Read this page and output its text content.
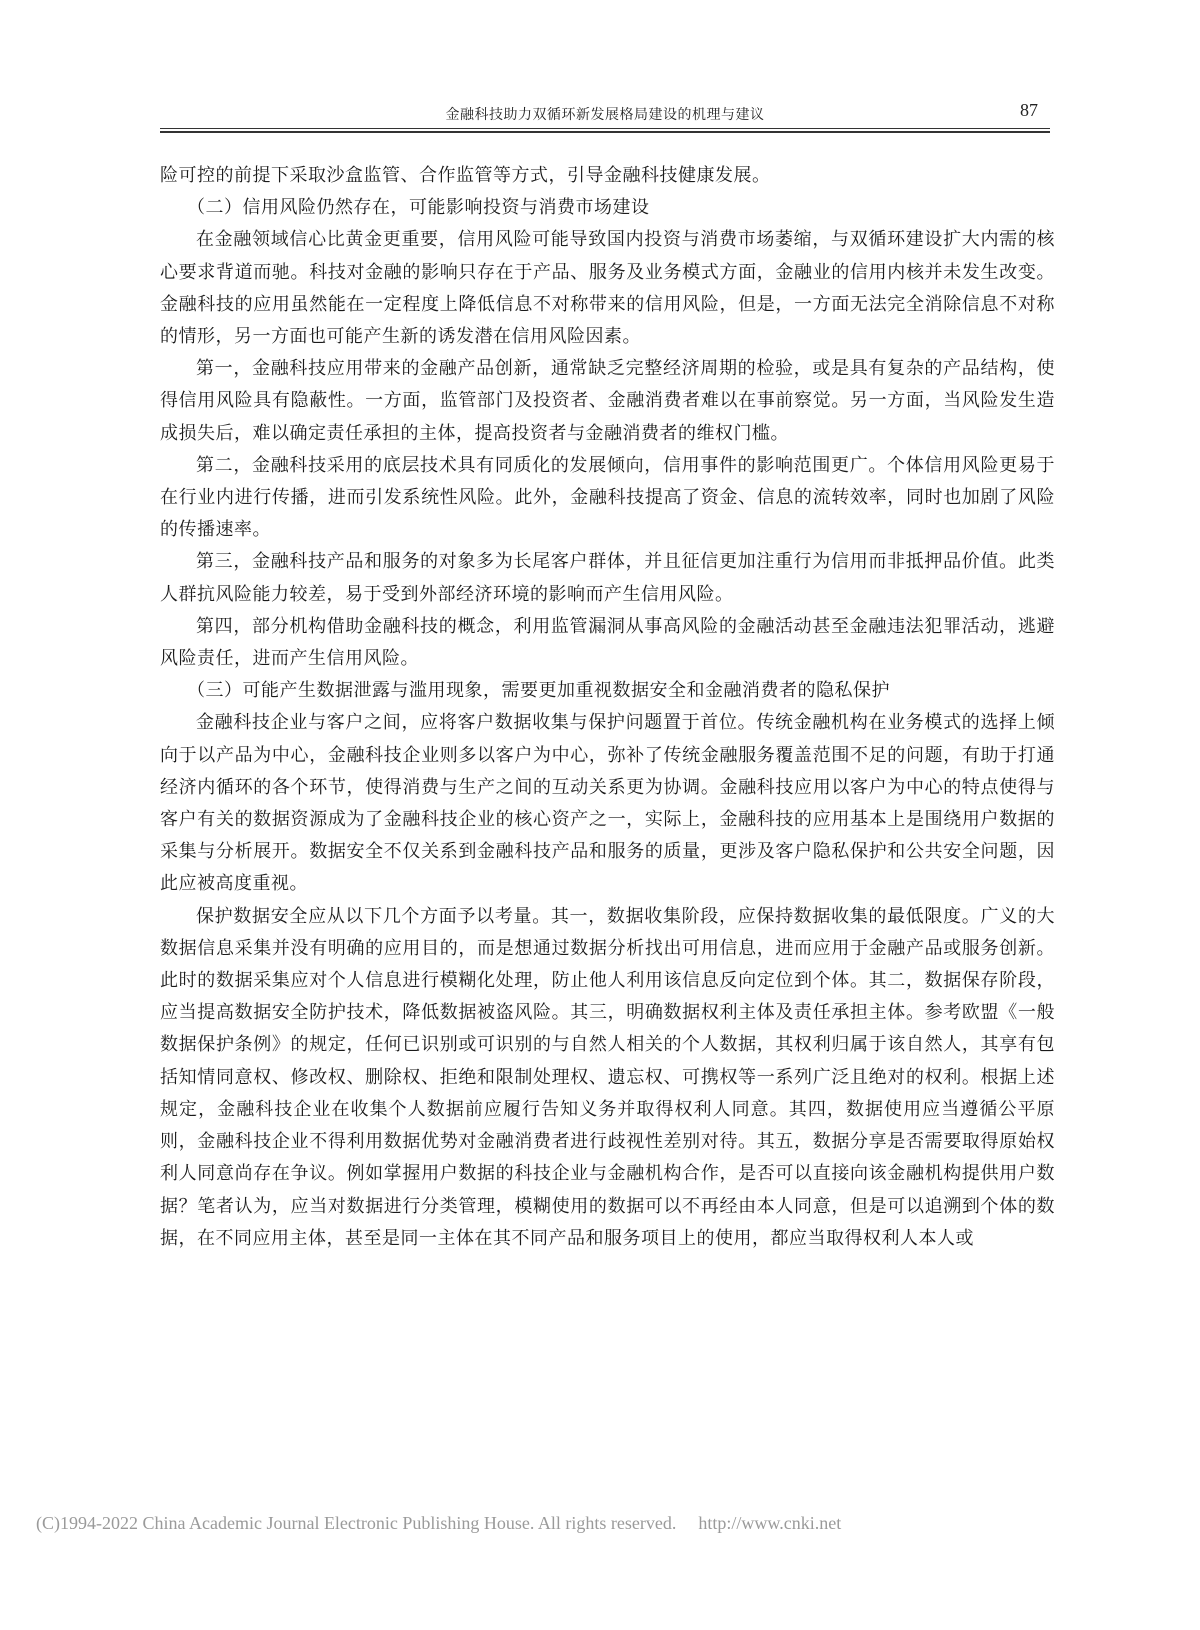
金融科技助力双循环新发展格局建设的机理与建议	87

险可控的前提下采取沙盒监管、合作监管等方式，引导金融科技健康发展。

（二）信用风险仍然存在，可能影响投资与消费市场建设

在金融领域信心比黄金更重要，信用风险可能导致国内投资与消费市场萎缩，与双循环建设扩大内需的核心要求背道而驰。科技对金融的影响只存在于产品、服务及业务模式方面，金融业的信用内核并未发生改变。金融科技的应用虽然能在一定程度上降低信息不对称带来的信用风险，但是，一方面无法完全消除信息不对称的情形，另一方面也可能产生新的诱发潜在信用风险因素。

第一，金融科技应用带来的金融产品创新，通常缺乏完整经济周期的检验，或是具有复杂的产品结构，使得信用风险具有隐蔽性。一方面，监管部门及投资者、金融消费者难以在事前察觉。另一方面，当风险发生造成损失后，难以确定责任承担的主体，提高投资者与金融消费者的维权门槛。

第二，金融科技采用的底层技术具有同质化的发展倾向，信用事件的影响范围更广。个体信用风险更易于在行业内进行传播，进而引发系统性风险。此外，金融科技提高了资金、信息的流转效率，同时也加剧了风险的传播速率。

第三，金融科技产品和服务的对象多为长尾客户群体，并且征信更加注重行为信用而非抵押品价值。此类人群抗风险能力较差，易于受到外部经济环境的影响而产生信用风险。

第四，部分机构借助金融科技的概念，利用监管漏洞从事高风险的金融活动甚至金融违法犯罪活动，逃避风险责任，进而产生信用风险。

（三）可能产生数据泄露与滥用现象，需要更加重视数据安全和金融消费者的隐私保护

金融科技企业与客户之间，应将客户数据收集与保护问题置于首位。传统金融机构在业务模式的选择上倾向于以产品为中心，金融科技企业则多以客户为中心，弥补了传统金融服务覆盖范围不足的问题，有助于打通经济内循环的各个环节，使得消费与生产之间的互动关系更为协调。金融科技应用以客户为中心的特点使得与客户有关的数据资源成为了金融科技企业的核心资产之一，实际上，金融科技的应用基本上是围绕用户数据的采集与分析展开。数据安全不仅关系到金融科技产品和服务的质量，更涉及客户隐私保护和公共安全问题，因此应被高度重视。

保护数据安全应从以下几个方面予以考量。其一，数据收集阶段，应保持数据收集的最低限度。广义的大数据信息采集并没有明确的应用目的，而是想通过数据分析找出可用信息，进而应用于金融产品或服务创新。此时的数据采集应对个人信息进行模糊化处理，防止他人利用该信息反向定位到个体。其二，数据保存阶段，应当提高数据安全防护技术，降低数据被盗风险。其三，明确数据权利主体及责任承担主体。参考欧盟《一般数据保护条例》的规定，任何已识别或可识别的与自然人相关的个人数据，其权利归属于该自然人，其享有包括知情同意权、修改权、删除权、拒绝和限制处理权、遗忘权、可携权等一系列广泛且绝对的权利。根据上述规定，金融科技企业在收集个人数据前应履行告知义务并取得权利人同意。其四，数据使用应当遵循公平原则，金融科技企业不得利用数据优势对金融消费者进行歧视性差别对待。其五，数据分享是否需要取得原始权利人同意尚存在争议。例如掌握用户数据的科技企业与金融机构合作，是否可以直接向该金融机构提供用户数据？笔者认为，应当对数据进行分类管理，模糊使用的数据可以不再经由本人同意，但是可以追溯到个体的数据，在不同应用主体，甚至是同一主体在其不同产品和服务项目上的使用，都应当取得权利人本人或

(C)1994-2022 China Academic Journal Electronic Publishing House. All rights reserved. http://www.cnki.net
